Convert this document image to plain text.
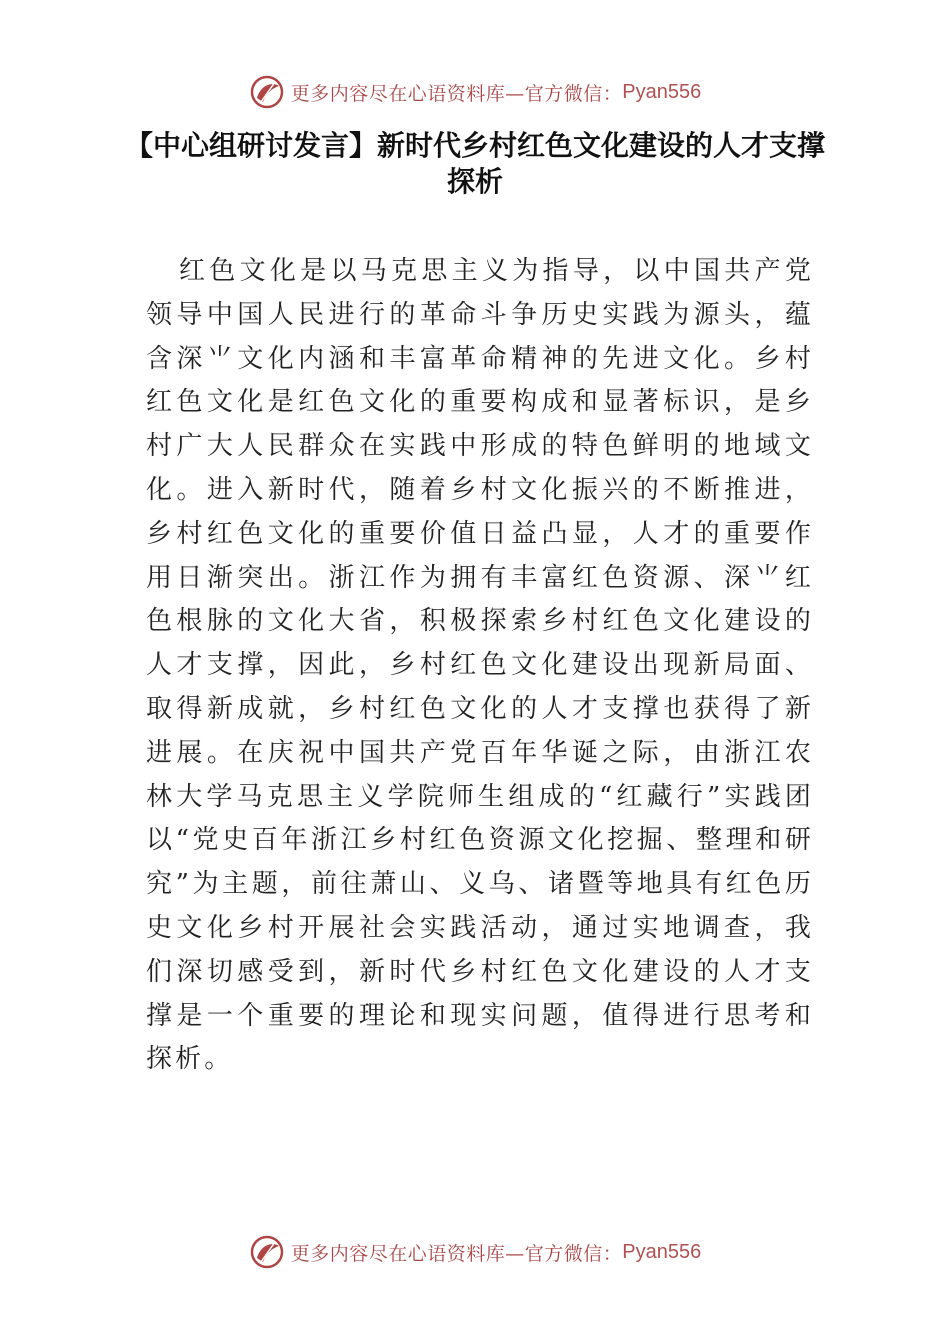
更多内容尽在心语资料库—官方微信： Pyan556
【中心组研讨发言】新时代乡村红色文化建设的人才支撑探析

红色文化是以马克思主义为指导，以中国共产党领导中国人民进行的革命斗争历史实践为源头，蕴含深⺌文化内涵和丰富革命精神的先进文化。乡村红色文化是红色文化的重要构成和显著标识，是乡村广大人民群众在实践中形成的特色鲜明的地域文化。进入新时代，随着乡村文化振兴的不断推进，乡村红色文化的重要价值日益凸显，人才的重要作用日渐突出。浙江作为拥有丰富红色资源、深⺌红色根脉的文化大省，积极探索乡村红色文化建设的人才支撑，因此，乡村红色文化建设出现新局面、取得新成就，乡村红色文化的人才支撑也获得了新进展。在庆祝中国共产党百年华诞之际，由浙江农林大学马克思主义学院师生组成的“红藏行”实践团以“党史百年浙江乡村红色资源文化挖掘、整理和研究”为主题，前往萧山、义乌、诸暨等地具有红色历史文化乡村开展社会实践活动，通过实地调查，我们深切感受到，新时代乡村红色文化建设的人才支撑是一个重要的理论和现实问题，值得进行思考和探析。

更多内容尽在心语资料库—官方微信： Pyan556
